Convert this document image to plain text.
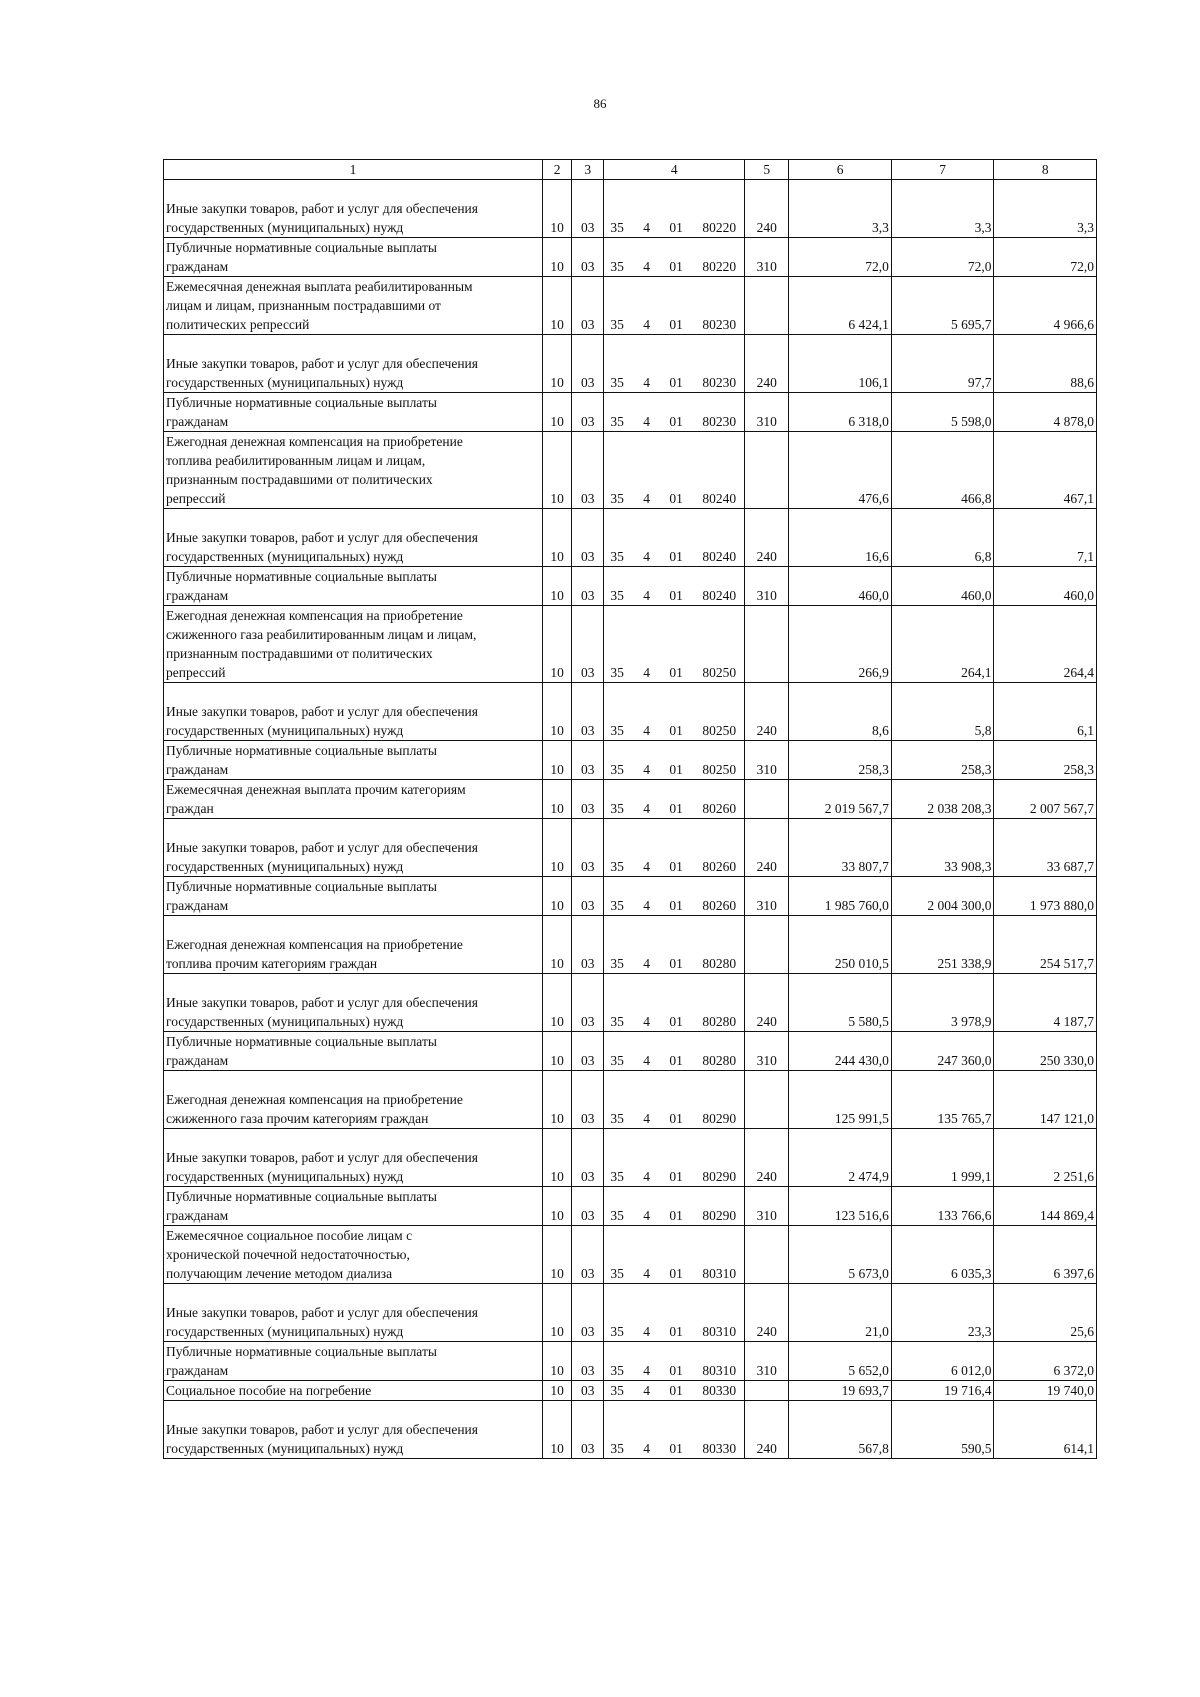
86
1	2	3	4	5	6	7	8

Иные закупки товаров, работ и услуг для обеспечения
государственных (муниципальных) нужд	10	03	35 4 01 80220	240	3,3	3,3	3,3
Публичные нормативные социальные выплаты
гражданам	10	03	35 4 01 80220	310	72,0	72,0	72,0
Ежемесячная денежная выплата реабилитированным
лицам и лицам, признанным пострадавшими от
политических репрессий	10	03	35 4 01 80230		6 424,1	5 695,7	4 966,6

Иные закупки товаров, работ и услуг для обеспечения
государственных (муниципальных) нужд	10	03	35 4 01 80230	240	106,1	97,7	88,6
Публичные нормативные социальные выплаты
гражданам	10	03	35 4 01 80230	310	6 318,0	5 598,0	4 878,0
Ежегодная денежная компенсация на приобретение
топлива реабилитированным лицам и лицам,
признанным пострадавшими от политических
репрессий	10	03	35 4 01 80240		476,6	466,8	467,1

Иные закупки товаров, работ и услуг для обеспечения
государственных (муниципальных) нужд	10	03	35 4 01 80240	240	16,6	6,8	7,1
Публичные нормативные социальные выплаты
гражданам	10	03	35 4 01 80240	310	460,0	460,0	460,0
Ежегодная денежная компенсация на приобретение
сжиженного газа реабилитированным лицам и лицам,
признанным пострадавшими от политических
репрессий	10	03	35 4 01 80250		266,9	264,1	264,4

Иные закупки товаров, работ и услуг для обеспечения
государственных (муниципальных) нужд	10	03	35 4 01 80250	240	8,6	5,8	6,1
Публичные нормативные социальные выплаты
гражданам	10	03	35 4 01 80250	310	258,3	258,3	258,3
Ежемесячная денежная выплата прочим категориям
граждан	10	03	35 4 01 80260		2 019 567,7	2 038 208,3	2 007 567,7

Иные закупки товаров, работ и услуг для обеспечения
государственных (муниципальных) нужд	10	03	35 4 01 80260	240	33 807,7	33 908,3	33 687,7
Публичные нормативные социальные выплаты
гражданам	10	03	35 4 01 80260	310	1 985 760,0	2 004 300,0	1 973 880,0

Ежегодная денежная компенсация на приобретение
топлива прочим категориям граждан	10	03	35 4 01 80280		250 010,5	251 338,9	254 517,7

Иные закупки товаров, работ и услуг для обеспечения
государственных (муниципальных) нужд	10	03	35 4 01 80280	240	5 580,5	3 978,9	4 187,7
Публичные нормативные социальные выплаты
гражданам	10	03	35 4 01 80280	310	244 430,0	247 360,0	250 330,0

Ежегодная денежная компенсация на приобретение
сжиженного газа прочим категориям граждан	10	03	35 4 01 80290		125 991,5	135 765,7	147 121,0

Иные закупки товаров, работ и услуг для обеспечения
государственных (муниципальных) нужд	10	03	35 4 01 80290	240	2 474,9	1 999,1	2 251,6
Публичные нормативные социальные выплаты
гражданам	10	03	35 4 01 80290	310	123 516,6	133 766,6	144 869,4
Ежемесячное социальное пособие лицам с
хронической почечной недостаточностью,
получающим лечение методом диализа	10	03	35 4 01 80310		5 673,0	6 035,3	6 397,6

Иные закупки товаров, работ и услуг для обеспечения
государственных (муниципальных) нужд	10	03	35 4 01 80310	240	21,0	23,3	25,6
Публичные нормативные социальные выплаты
гражданам	10	03	35 4 01 80310	310	5 652,0	6 012,0	6 372,0
Социальное пособие на погребение	10	03	35 4 01 80330		19 693,7	19 716,4	19 740,0

Иные закупки товаров, работ и услуг для обеспечения
государственных (муниципальных) нужд	10	03	35 4 01 80330	240	567,8	590,5	614,1
